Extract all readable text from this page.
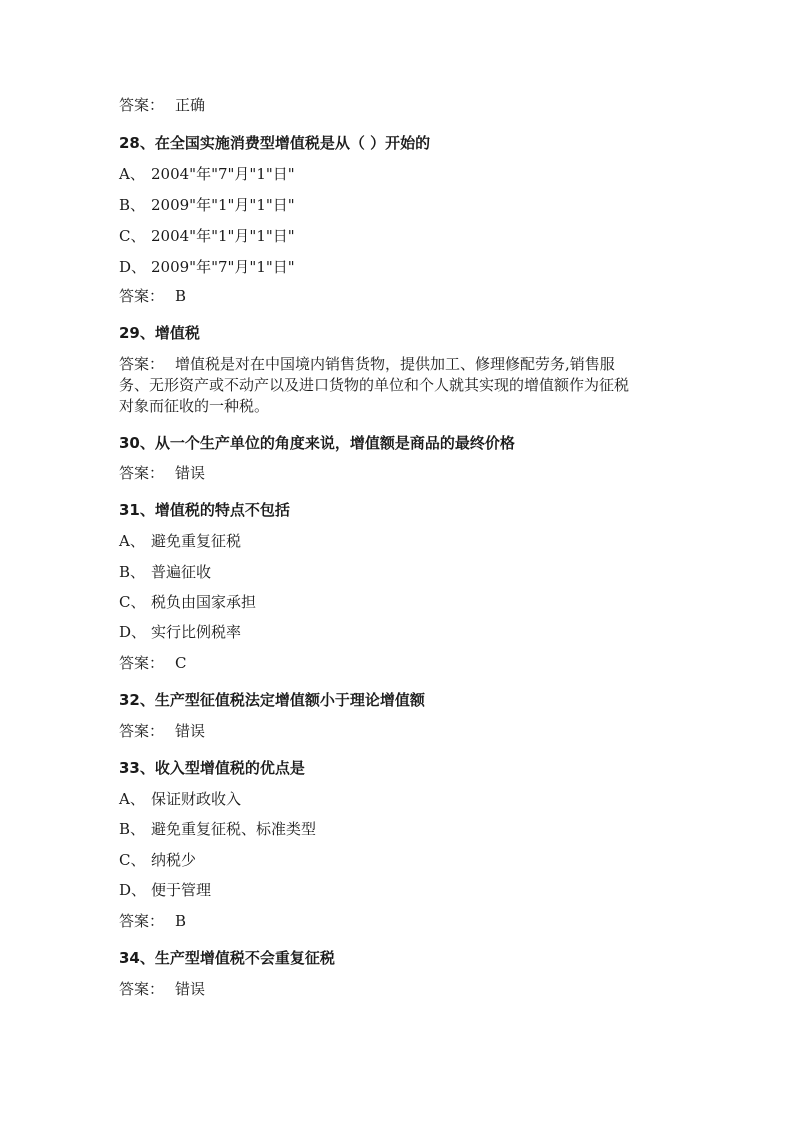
答案： 正确
28、在全国实施消费型增值税是从（ ）开始的
A、 2004"年"7"月"1"日"
B、 2009"年"1"月"1"日"
C、 2004"年"1"月"1"日"
D、 2009"年"7"月"1"日"
答案： B
29、增值税
答案： 增值税是对在中国境内销售货物，提供加工、修理修配劳务,销售服
务、无形资产或不动产以及进口货物的单位和个人就其实现的增值额作为征税
对象而征收的一种税。
30、从一个生产单位的角度来说，增值额是商品的最终价格
答案： 错误
31、增值税的特点不包括
A、 避免重复征税
B、 普遍征收
C、 税负由国家承担
D、 实行比例税率
答案： C
32、生产型征值税法定增值额小于理论增值额
答案： 错误
33、收入型增值税的优点是
A、 保证财政收入
B、 避免重复征税、标准类型
C、 纳税少
D、 便于管理
答案： B
34、生产型增值税不会重复征税
答案： 错误
